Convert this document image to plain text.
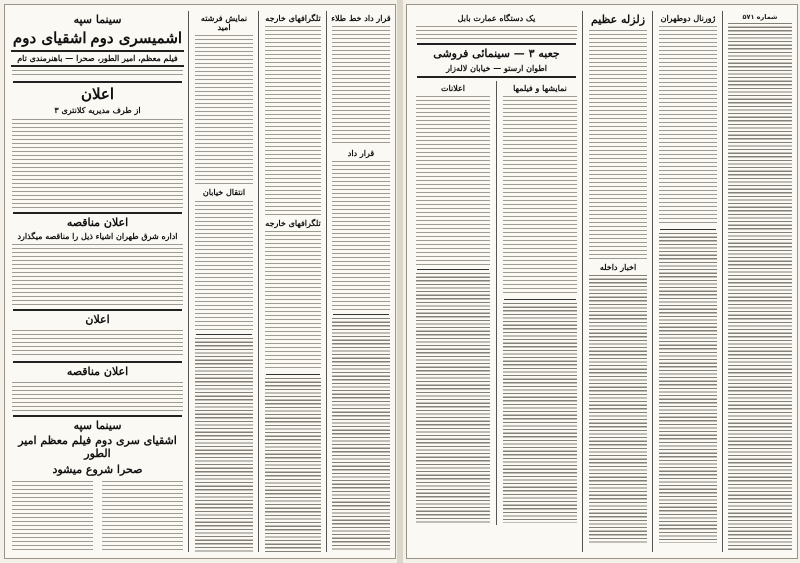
قرار داد خط طلاء
قرار داد
تلگرافهای خارجه
تلگرافهای خارجه
نمایش فرشته امید
انتقال خیابان
سینما سپه
اشمیسری دوم
اشقیای دوم
فیلم معظم، امیر الطور، صحرا — باهنرمندی تام
اعلان
از طرف مدیریه کلانتری ۳
اعلان مناقصه
اداره شرق طهران اشیاء ذیل را مناقصه میگذارد
اعلان
اعلان مناقصه
سینما سپه
اشقیای سری دوم فیلم معظم امیر الطور
صحرا شروع میشود
شماره ۵۷۱
ژورنال دوطهران
زلزله عظیم
اخبار داخله
یک دستگاه عمارت بابل
جعبه ۳ — سینمائی فروشی
اطوان ارستو — خیابان لاله‌زار
نمایشها و فیلمها
اعلانات
